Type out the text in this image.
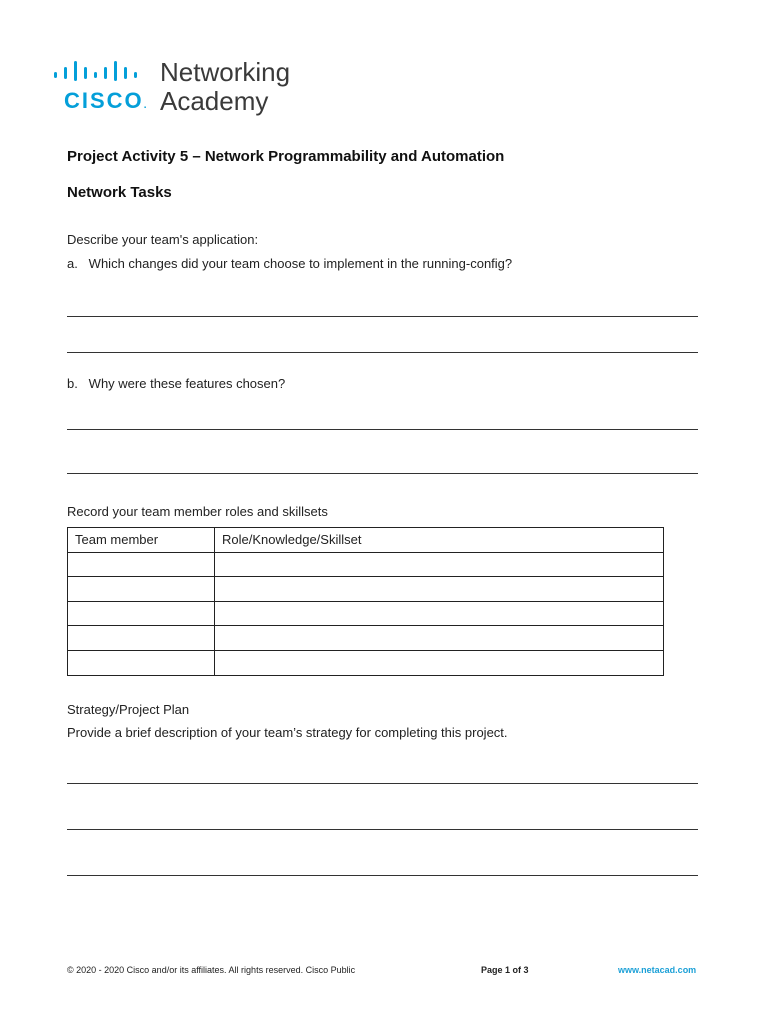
CISCO.
Networking
Academy
Project Activity 5 – Network Programmability and Automation
Network Tasks
Describe your team's application:
a.   Which changes did your team choose to implement in the running-config?
b.   Why were these features chosen?
Record your team member roles and skillsets
Team member	Role/Knowledge/Skillset

Strategy/Project Plan
Provide a brief description of your team’s strategy for completing this project.
© 2020 - 2020 Cisco and/or its affiliates. All rights reserved. Cisco Public	Page 1 of 3	www.netacad.com
